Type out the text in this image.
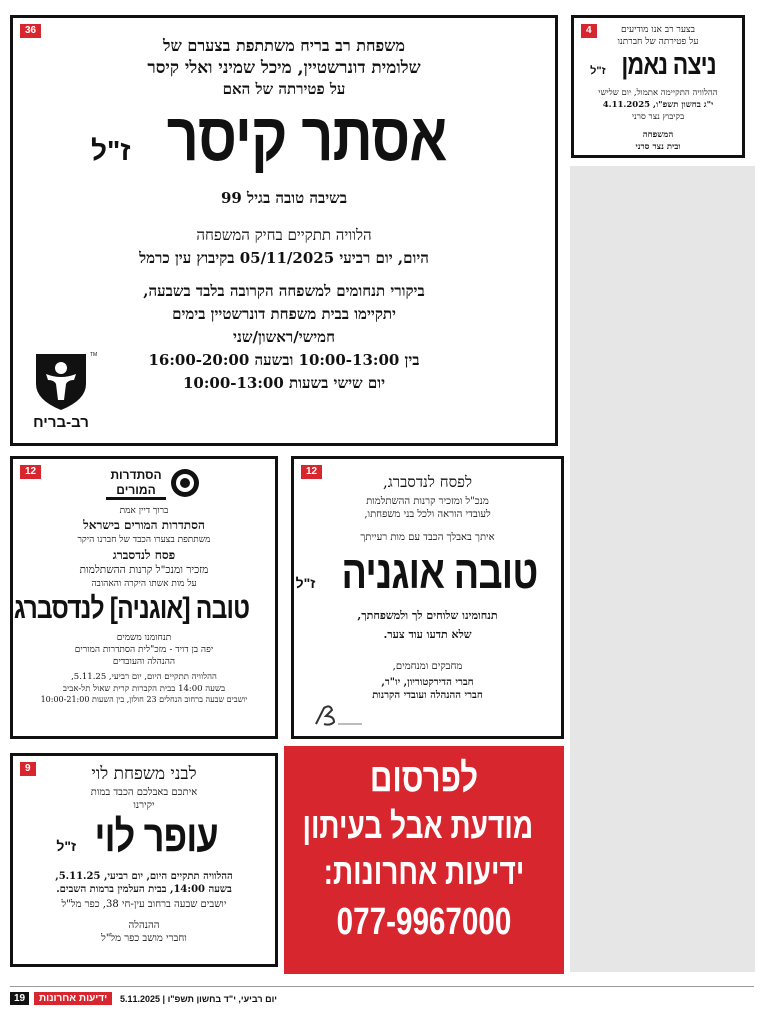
36
משפחת רב בריח משתתפת בצערם של
שלומית דונרשטיין, מיכל שמיני ואלי קיסר
על פטירתה של האם
אסתר קיסר ז"ל
בשיבה טובה בגיל 99
הלוויה תתקיים בחיק המשפחה
היום, יום רביעי 05/11/2025 בקיבוץ עין כרמל
ביקורי תנחומים למשפחה הקרובה בלבד בשבעה,
יתקיימו בבית משפחת דונרשטיין בימים
חמישי/ראשון/שני
בין 10:00-13:00 ובשעה 16:00-20:00
יום שישי בשעות 10:00-13:00
TM
רב-בריח
4	בצער רב אנו מודיעים
על פטירתה של חברתנו
ניצה נאמן ז"ל
ההלוויה התקיימה אתמול, יום שלישי
י"ג בחשון תשפ"ו, 4.11.2025
בקיבוץ נצר סרני
המשפחה
ובית נצר סרני
12
ברוך דיין אמת
הסתדרות המורים בישראל
משתתפת בצערו הכבד של חברנו היקר
פסח לנדסברג
מזכיר ומנכ"ל קרנות ההשתלמות
על מות אשתו היקרה והאהובה
טובה [אוגניה] לנדסברג
תנחומנו משמים
יפה בן דויד - מזכ"לית הסתדרות המורים
ההנהלה והעובדים
ההלוויה תתקיים היום, יום רביעי, 5.11.25,
בשעה 14:00 בבית הקברות קרית שאול תל-אביב
יושבים שבעה ברחוב הנחלים 23 חולון, בין השעות 10:00-21:00
הסתדרות
המורים
12
לפסח לנדסברג,
מנכ"ל ומזכיר קרנות ההשתלמות
לעובדי הוראה ולכל בני משפחתו,
איתך באבלך הכבד עם מות רעייתך
טובה אוגניה ז"ל
תנחומינו שלוחים לך ולמשפחתך,
שלא תדעו עוד צער.
מחבקים ומנחמים,
חברי הדירקטוריון, יו"ר,
חברי ההנהלה ועובדי הקרנות
9	לבני משפחת לוי
איתכם באבלכם הכבד במות
יקירנו
עופר לוי ז"ל
ההלוויה תתקיים היום, יום רביעי, 5.11.25,
בשעה 14:00, בבית העלמין ברמות השבים.
יושבים שבעה ברחוב עין-חי 38, כפר מל"ל
ההנהלה
וחברי מושב כפר מל"ל
לפרסום
מודעת אבל בעיתון
ידיעות אחרונות:
077-9967000
19	ידיעות אחרונות	יום רביעי, י"ד בחשון תשפ"ו | 5.11.2025
